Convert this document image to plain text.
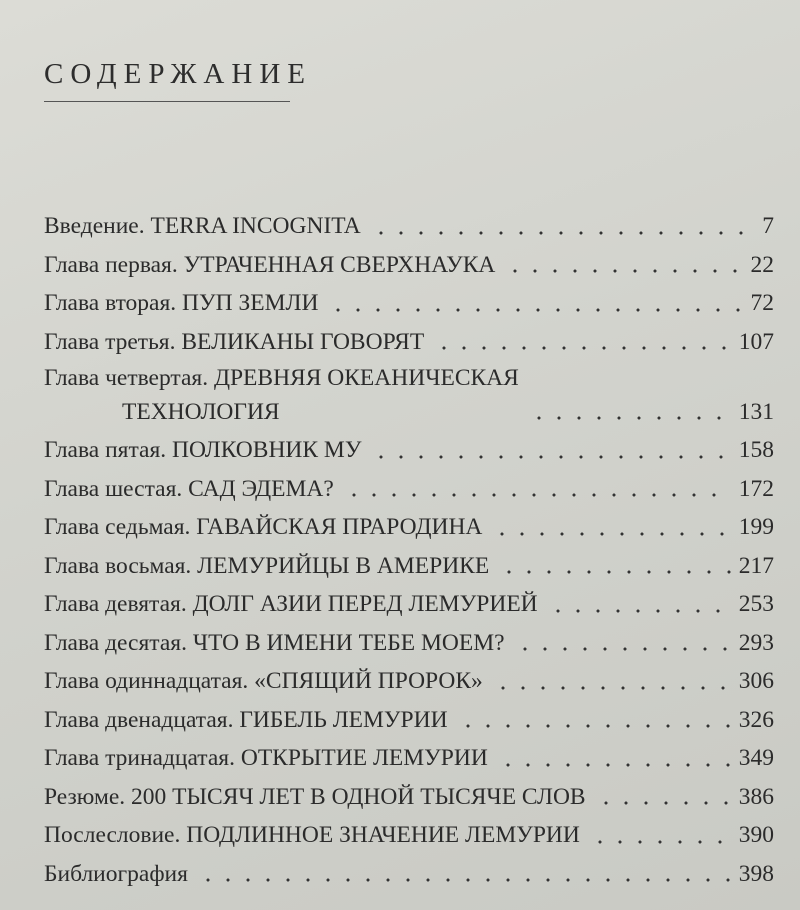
СОДЕРЖАНИЕ
Введение. TERRA INCOGNITA	7
Глава первая. УТРАЧЕННАЯ СВЕРХНАУКА	22
Глава вторая. ПУП ЗЕМЛИ	72
Глава третья. ВЕЛИКАНЫ ГОВОРЯТ	107
Глава четвертая. ДРЕВНЯЯ ОКЕАНИЧЕСКАЯ
ТЕХНОЛОГИЯ	131
Глава пятая. ПОЛКОВНИК МУ	158
Глава шестая. САД ЭДЕМА?	172
Глава седьмая. ГАВАЙСКАЯ ПРАРОДИНА	199
Глава восьмая. ЛЕМУРИЙЦЫ В АМЕРИКЕ	217
Глава девятая. ДОЛГ АЗИИ ПЕРЕД ЛЕМУРИЕЙ	253
Глава десятая. ЧТО В ИМЕНИ ТЕБЕ МОЕМ?	293
Глава одиннадцатая. «СПЯЩИЙ ПРОРОК»	306
Глава двенадцатая. ГИБЕЛЬ ЛЕМУРИИ	326
Глава тринадцатая. ОТКРЫТИЕ ЛЕМУРИИ	349
Резюме. 200 ТЫСЯЧ ЛЕТ В ОДНОЙ ТЫСЯЧЕ СЛОВ	386
Послесловие. ПОДЛИННОЕ ЗНАЧЕНИЕ ЛЕМУРИИ	390
Библиография	398
